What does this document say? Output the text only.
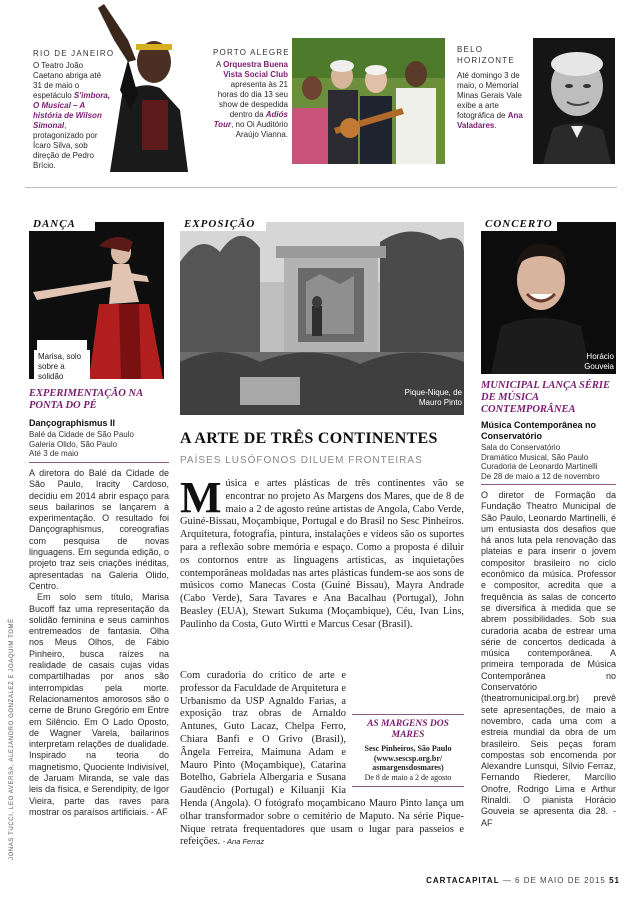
RIO DE JANEIRO
O Teatro João Caetano abriga até 31 de maio o espetáculo S'imbora, O Musical – A história de Wilson Simonal, protagonizado por Ícaro Silva, sob direção de Pedro Brício.
PORTO ALEGRE
A Orquestra Buena Vista Social Club apresenta às 21 horas do dia 13 seu show de despedida dentro da Adiós Tour, no Oi Auditório Araújo Vianna.
BELO HORIZONTE
Até domingo 3 de maio, o Memorial Minas Gerais Vale exibe a arte fotográfica de Ana Valadares.
DANÇA
Marisa, solo sobre a solidão
EXPERIMENTAÇÃO NA PONTA DO PÉ
Dançographismus II
Balé da Cidade de São Paulo
Galeria Olido, São Paulo
Até 3 de maio

A diretora do Balé da Cidade de São Paulo, Iracity Cardoso, decidiu em 2014 abrir espaço para seus bailarinos se lançarem à experimentação. O resultado foi Dançographismus, coreografias com pesquisa de novas linguagens. Em segunda edição, o projeto traz seis criações inéditas, apresentadas na Galeria Olido, Centro.

Em solo sem título, Marisa Bucoff faz uma representação da solidão feminina e seus caminhos entremeados de fantasia. Olha nos Meus Olhos, de Fábio Pinheiro, busca raízes na realidade de casais cujas vidas compartilhadas por anos são interrompidas pela morte. Relacionamentos amorosos são o cerne de Bruno Gregório em Entre em Silêncio. Em O Lado Oposto, de Wagner Varela, bailarinos interpretam relações de dualidade. Inspirado na teoria do magnetismo, Quociente Indivisível, de Jaruam Miranda, se vale das leis da física, e Serendipity, de Igor Vieira, parte das raves para mostrar os paraísos artificiais. - AF

JONAS TUCCI, LEO AVERSA, ALEJANDRO GONZALEZ E JOAQUIM TOMÉ
EXPOSIÇÃO
Pique-Nique, de Mauro Pinto
A ARTE DE TRÊS CONTINENTES
PAÍSES LUSÓFONOS DILUEM FRONTEIRAS
M úsica e artes plásticas de três continentes vão se encontrar no projeto As Margens dos Mares, que de 8 de maio a 2 de agosto reúne artistas de Angola, Cabo Verde, Guiné-Bissau, Moçambique, Portugal e do Brasil no Sesc Pinheiros. Arquitetura, fotografia, pintura, instalações e vídeos são os suportes para a reflexão sobre memória e espaço. Como a proposta é diluir os contornos entre as linguagens artísticas, as inquietações contemporâneas moldadas nas artes plásticas fundem-se aos sons de músicos como Manecas Costa (Guiné Bissau), Mayra Andrade (Cabo Verde), Sara Tavares e Ana Bacalhau (Portugal), John Beasley (EUA), Stewart Sukuma (Moçambique), Céu, Ivan Lins, Paulinho da Costa, Guto Wirtti e Marcus Cesar (Brasil).
AS MARGENS DOS MARES
Sesc Pinheiros, São Paulo
(www.sescsp.org.br/
asmargensdosmares)
De 8 de maio a 2 de agosto
Com curadoria do crítico de arte e professor da Faculdade de Arquitetura e Urbanismo da USP Agnaldo Farias, a exposição traz obras de Arnaldo Antunes, Guto Lacaz, Chelpa Ferro, Chiara Banfi e O Grivo (Brasil), Ângela Ferreira, Maimuna Adam e Mauro Pinto (Moçambique), Catarina Botelho, Gabriela Albergaria e Susana Gaudêncio (Portugal) e Kiluanji Kia Henda (Angola). O fotógrafo moçambicano Mauro Pinto lança um olhar transformador sobre o cemitério de Maputo. Na série Pique-Nique retrata frequentadores que usam o lugar para passeios e refeições. - Ana Ferraz
CONCERTO
Horácio Gouveia
MUNICIPAL LANÇA SÉRIE DE MÚSICA CONTEMPORÂNEA
Música Contemporânea no Conservatório
Sala do Conservatório
Dramático Musical, São Paulo
Curadoria de Leonardo Martinelli
De 28 de maio a 12 de novembro

O diretor de Formação da Fundação Theatro Municipal de São Paulo, Leonardo Martinelli, é um entusiasta dos desafios que há anos luta pela renovação das plateias e para inserir o jovem compositor brasileiro no ciclo econômico da música. Professor e compositor, acredita que a frequência às salas de concerto se diversifica à medida que se abrem possibilidades. Sob sua curadoria acaba de estrear uma série de concertos dedicada à música contemporânea. A primeira temporada de Música Contemporânea no Conservatório (theatromunicipal.org.br) prevê sete apresentações, de maio a novembro, cada uma com a estreia mundial da obra de um brasileiro. Seis peças foram compostas sob encomenda por Alexandre Lunsqui, Sílvio Ferraz, Fernando Riederer, Marcílio Onofre, Rodrigo Lima e Arthur Rinaldi. O pianista Horácio Gouveia se apresenta dia 28. - AF

CARTACAPITAL — 6 DE MAIO DE 2015 51
